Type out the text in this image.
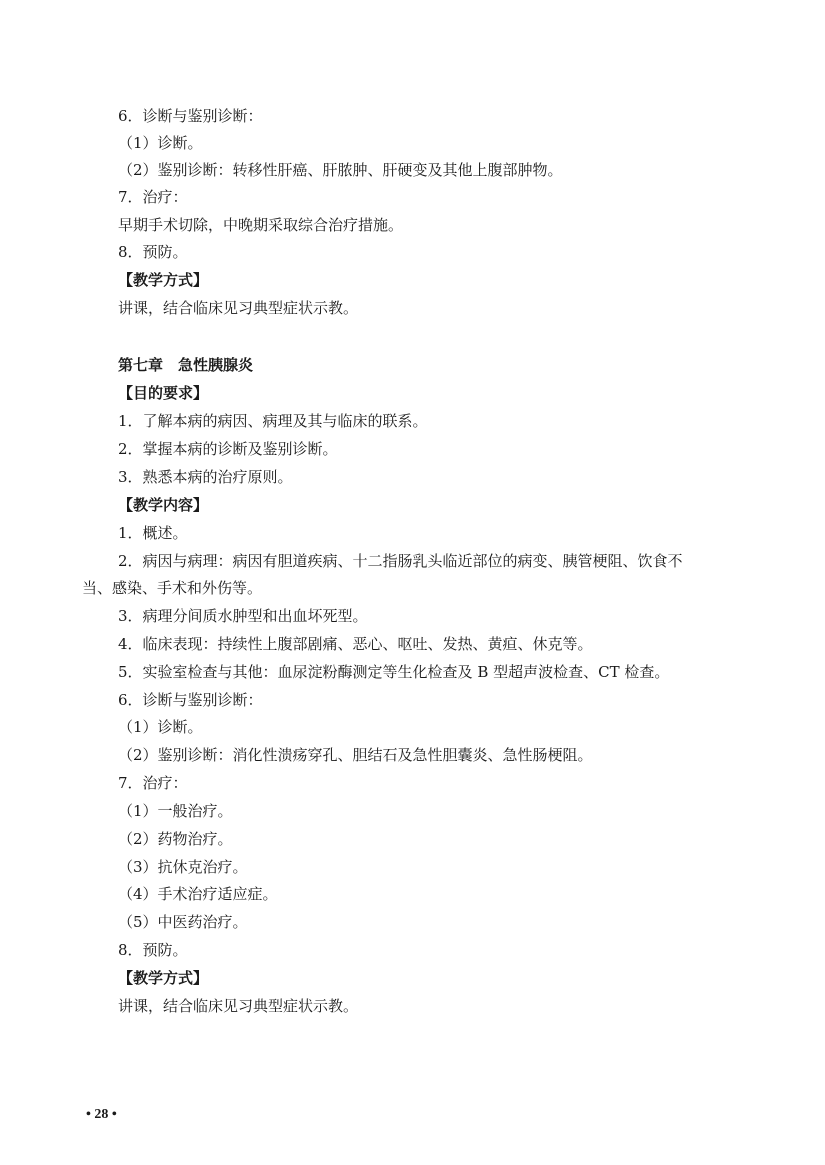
6．诊断与鉴别诊断：
（1）诊断。
（2）鉴别诊断：转移性肝癌、肝脓肿、肝硬变及其他上腹部肿物。
7．治疗：
早期手术切除，中晚期采取综合治疗措施。
8．预防。
【教学方式】
讲课，结合临床见习典型症状示教。
第七章　急性胰腺炎
【目的要求】
1．了解本病的病因、病理及其与临床的联系。
2．掌握本病的诊断及鉴别诊断。
3．熟悉本病的治疗原则。
【教学内容】
1．概述。
2．病因与病理：病因有胆道疾病、十二指肠乳头临近部位的病变、胰管梗阻、饮食不
当、感染、手术和外伤等。
3．病理分间质水肿型和出血坏死型。
4．临床表现：持续性上腹部剧痛、恶心、呕吐、发热、黄疸、休克等。
5．实验室检查与其他：血尿淀粉酶测定等生化检查及 B 型超声波检查、CT 检查。
6．诊断与鉴别诊断：
（1）诊断。
（2）鉴别诊断：消化性溃疡穿孔、胆结石及急性胆囊炎、急性肠梗阻。
7．治疗：
（1）一般治疗。
（2）药物治疗。
（3）抗休克治疗。
（4）手术治疗适应症。
（5）中医药治疗。
8．预防。
【教学方式】
讲课，结合临床见习典型症状示教。
• 28 •
